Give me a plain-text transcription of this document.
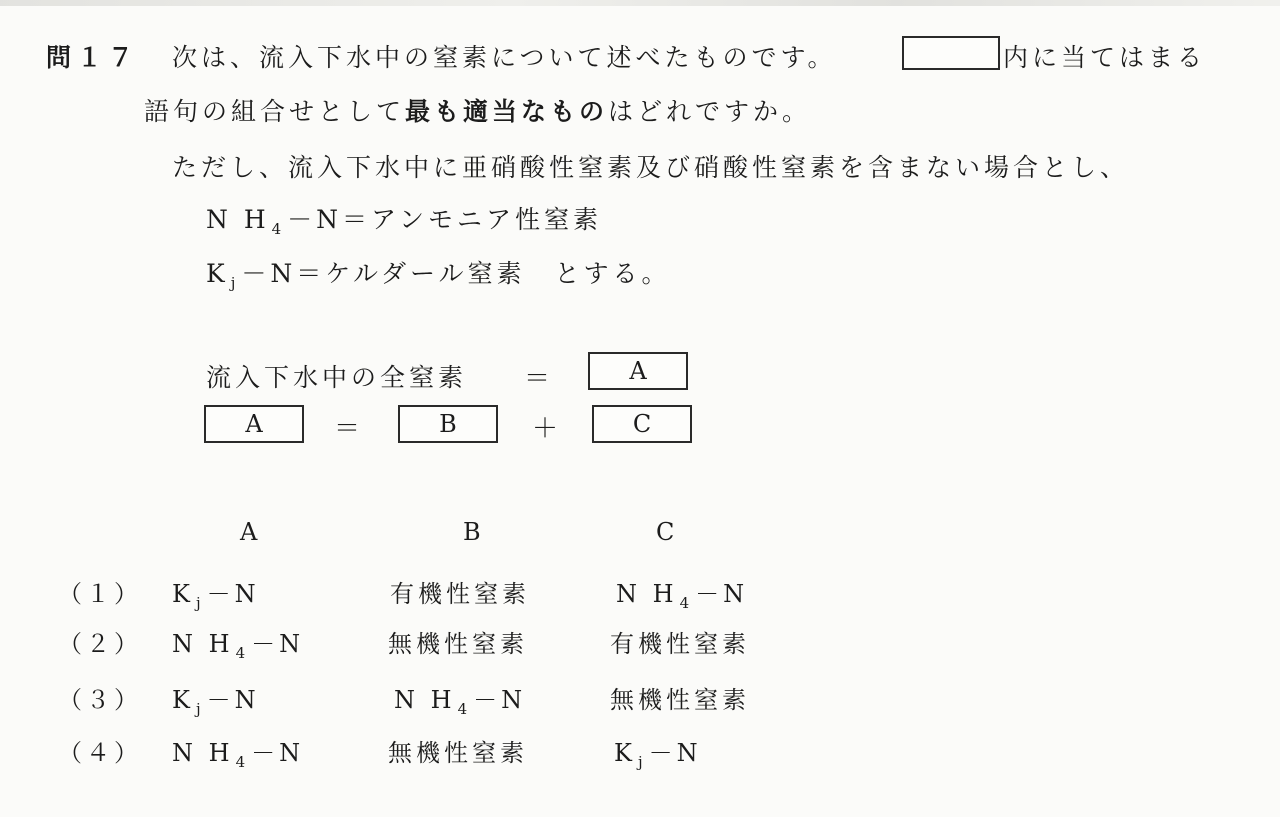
問１７ 次は、流入下水中の窒素について述べたものです。	内に当てはまる
語句の組合せとして最も適当なものはどれですか。
ただし、流入下水中に亜硝酸性窒素及び硝酸性窒素を含まない場合とし、
N H $_4$ －N＝アンモニア性窒素
K $_j$ －N＝ケルダール窒素　とする。
流入下水中の全窒素 ＝	A
A	＝	B	＋	C
A	B	C
（１） K $_j$ －N	有機性窒素	N H $_4$ －N
（２） N H $_4$ －N	無機性窒素	有機性窒素
（３） K $_j$ －N	N H $_4$ －N	無機性窒素
（４） N H $_4$ －N	無機性窒素	K $_j$ －N
